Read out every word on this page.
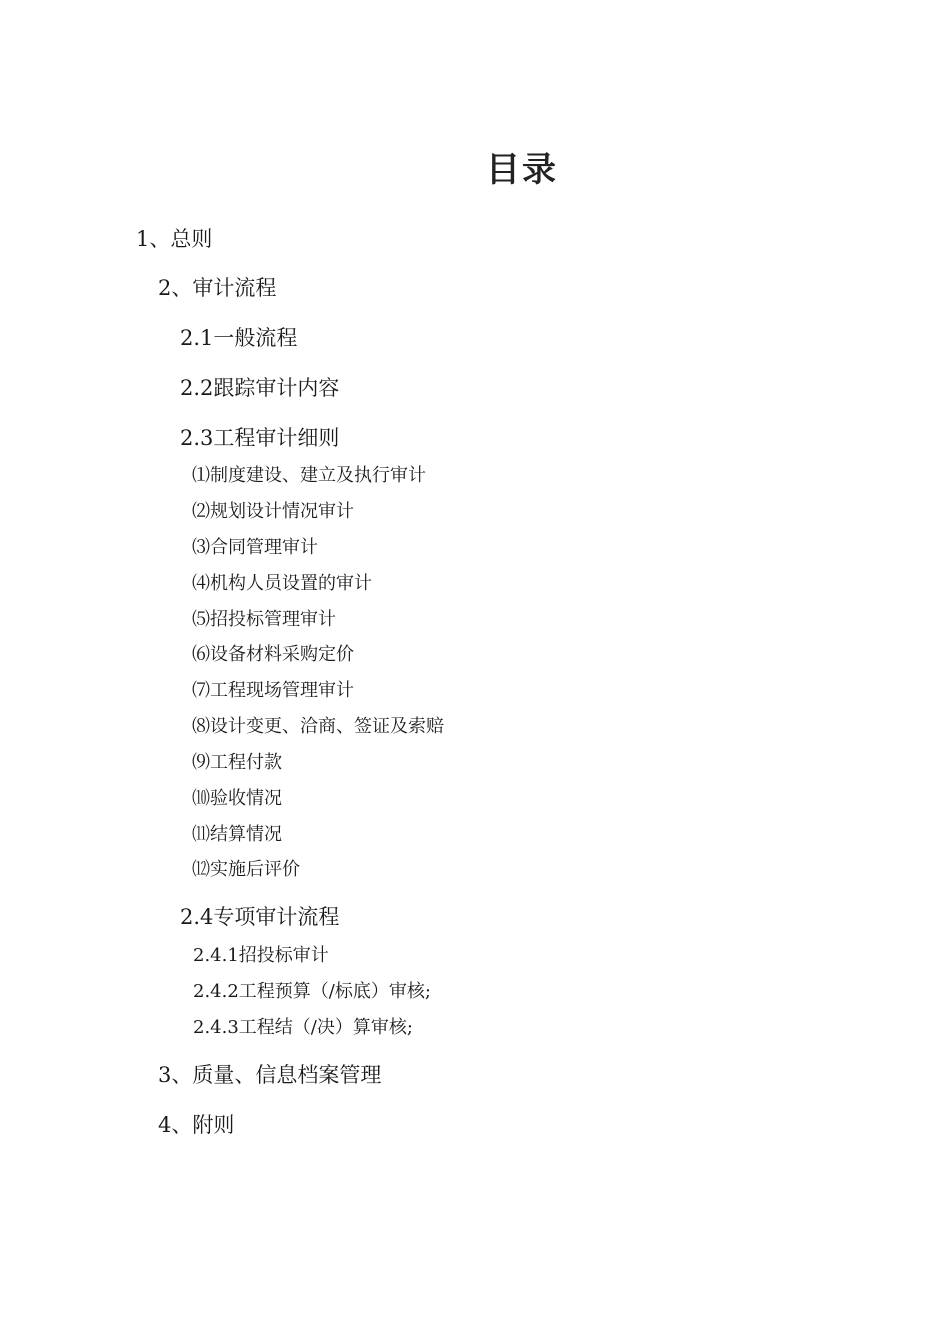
目录
1、总则
2、审计流程
2.1一般流程
2.2跟踪审计内容
2.3工程审计细则
⑴制度建设、建立及执行审计
⑵规划设计情况审计
⑶合同管理审计
⑷机构人员设置的审计
⑸招投标管理审计
⑹设备材料采购定价
⑺工程现场管理审计
⑻设计变更、洽商、签证及索赔
⑼工程付款
⑽验收情况
⑾结算情况
⑿实施后评价
2.4专项审计流程
2.4.1招投标审计
2.4.2工程预算（/标底）审核;
2.4.3工程结（/决）算审核;
3、质量、信息档案管理
4、附则
